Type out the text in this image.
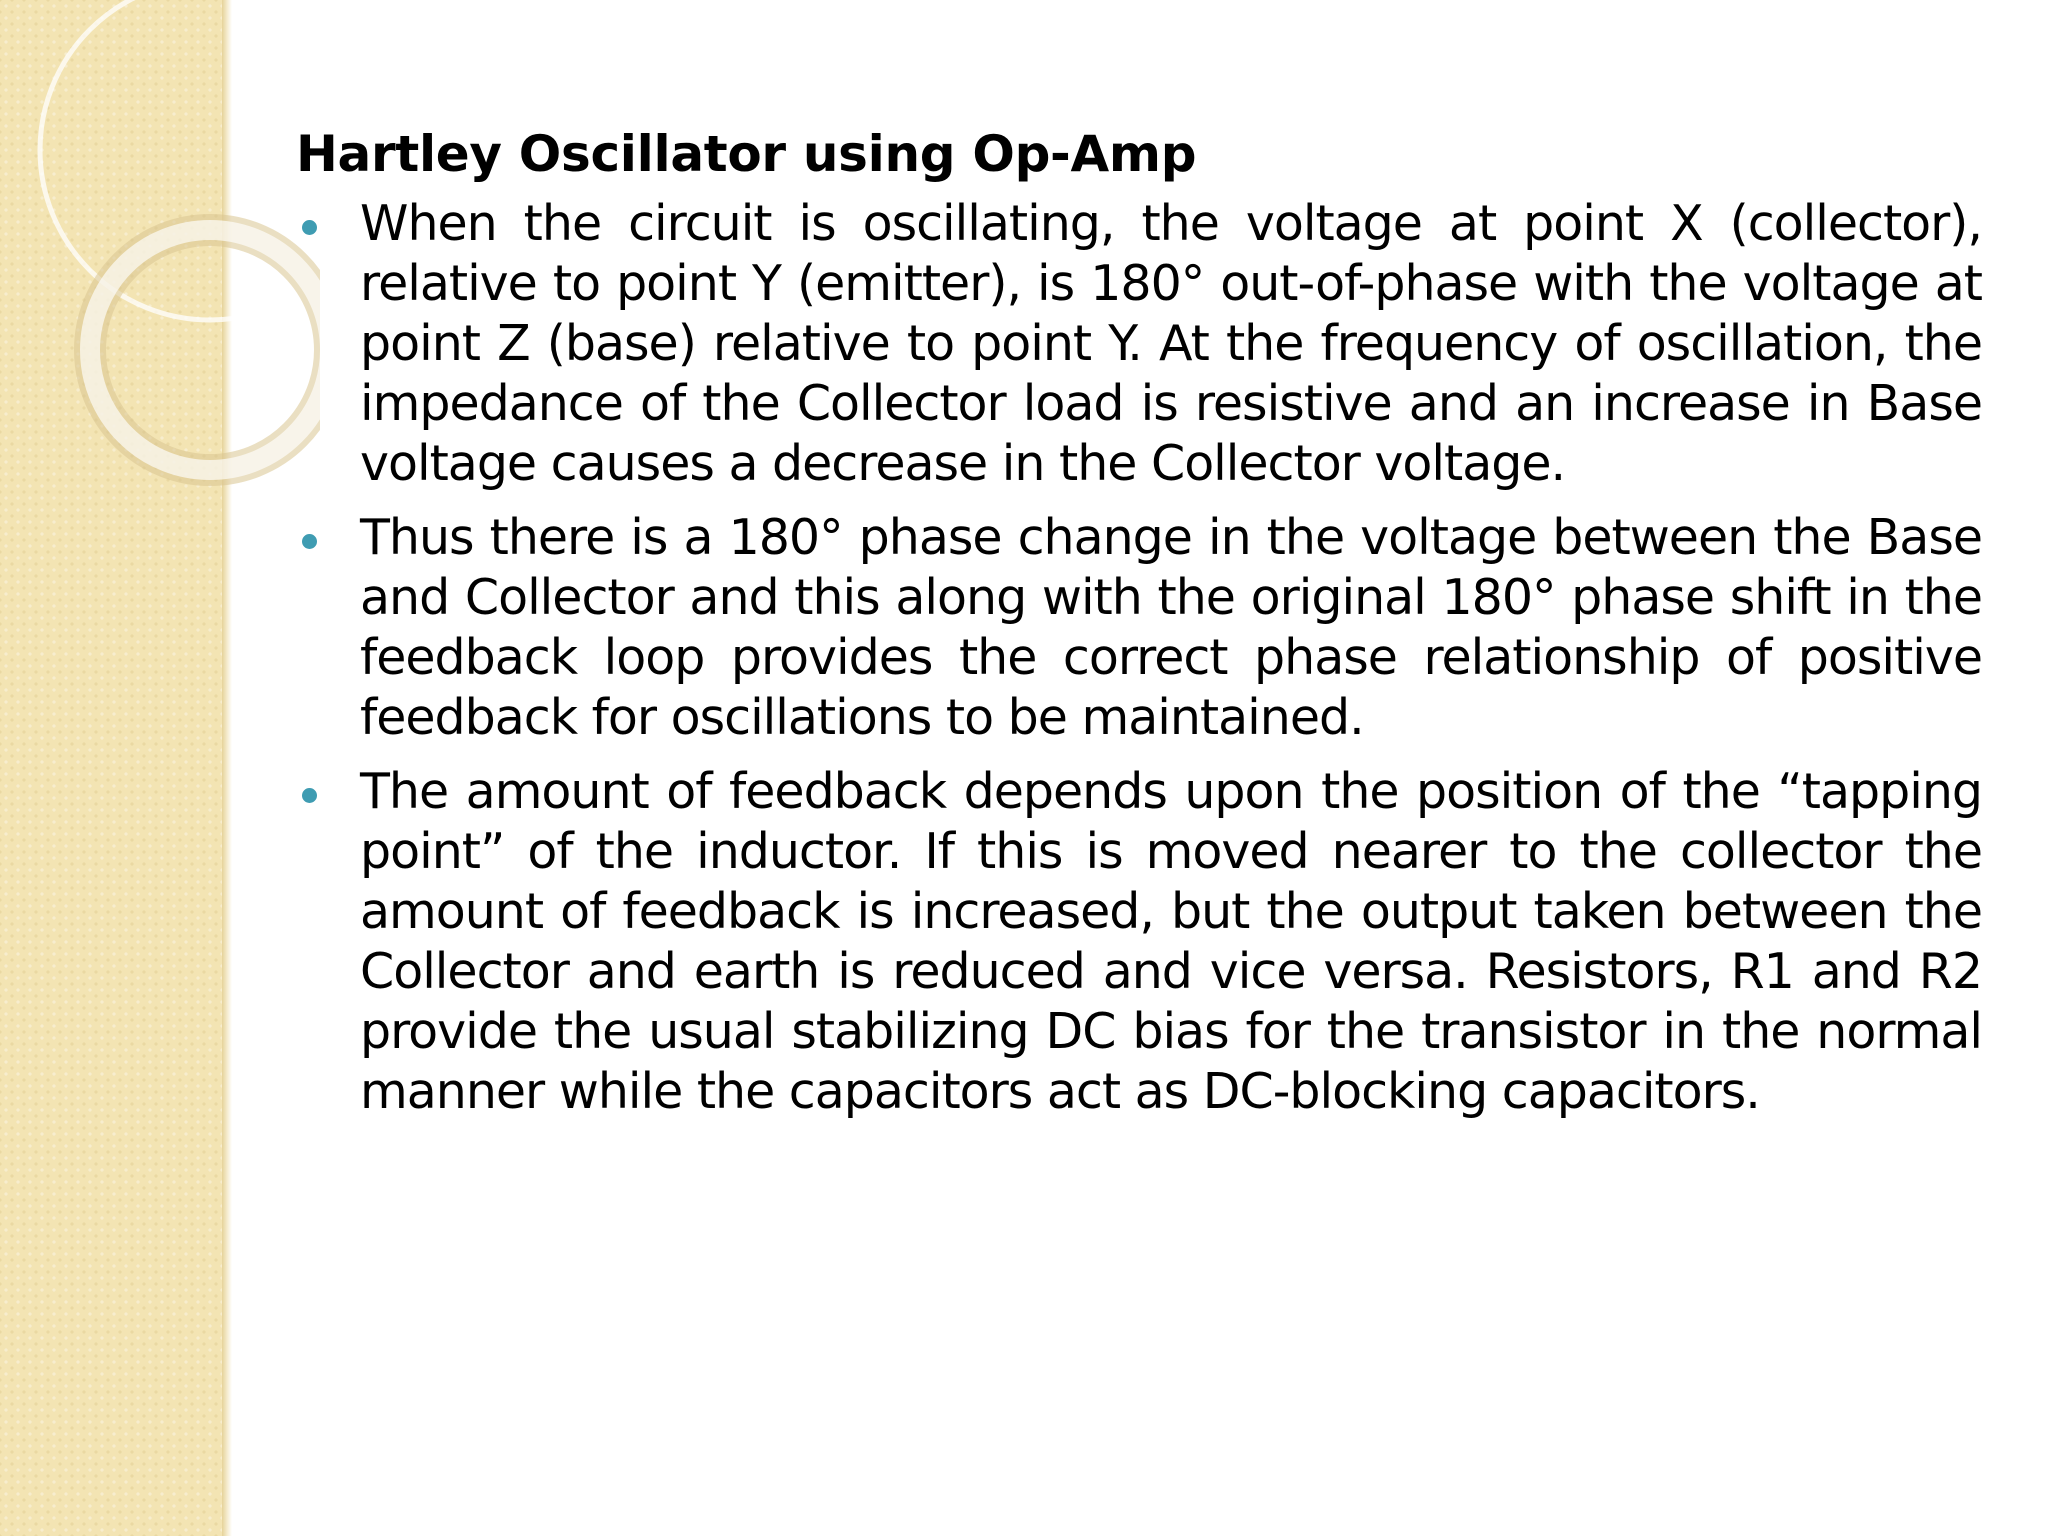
Hartley Oscillator using Op-Amp
When the circuit is oscillating, the voltage at point X (collector), relative to point Y (emitter), is 180° out-of-phase with the voltage at point Z (base) relative to point Y. At the frequency of oscillation, the impedance of the Collector load is resistive and an increase in Base voltage causes a decrease in the Collector voltage.
Thus there is a 180° phase change in the voltage between the Base and Collector and this along with the original 180° phase shift in the feedback loop provides the correct phase relationship of positive feedback for oscillations to be maintained.
The amount of feedback depends upon the position of the “tapping point” of the inductor. If this is moved nearer to the collector the amount of feedback is increased, but the output taken between the Collector and earth is reduced and vice versa. Resistors, R1 and R2 provide the usual stabilizing DC bias for the transistor in the normal manner while the capacitors act as DC-blocking capacitors.
